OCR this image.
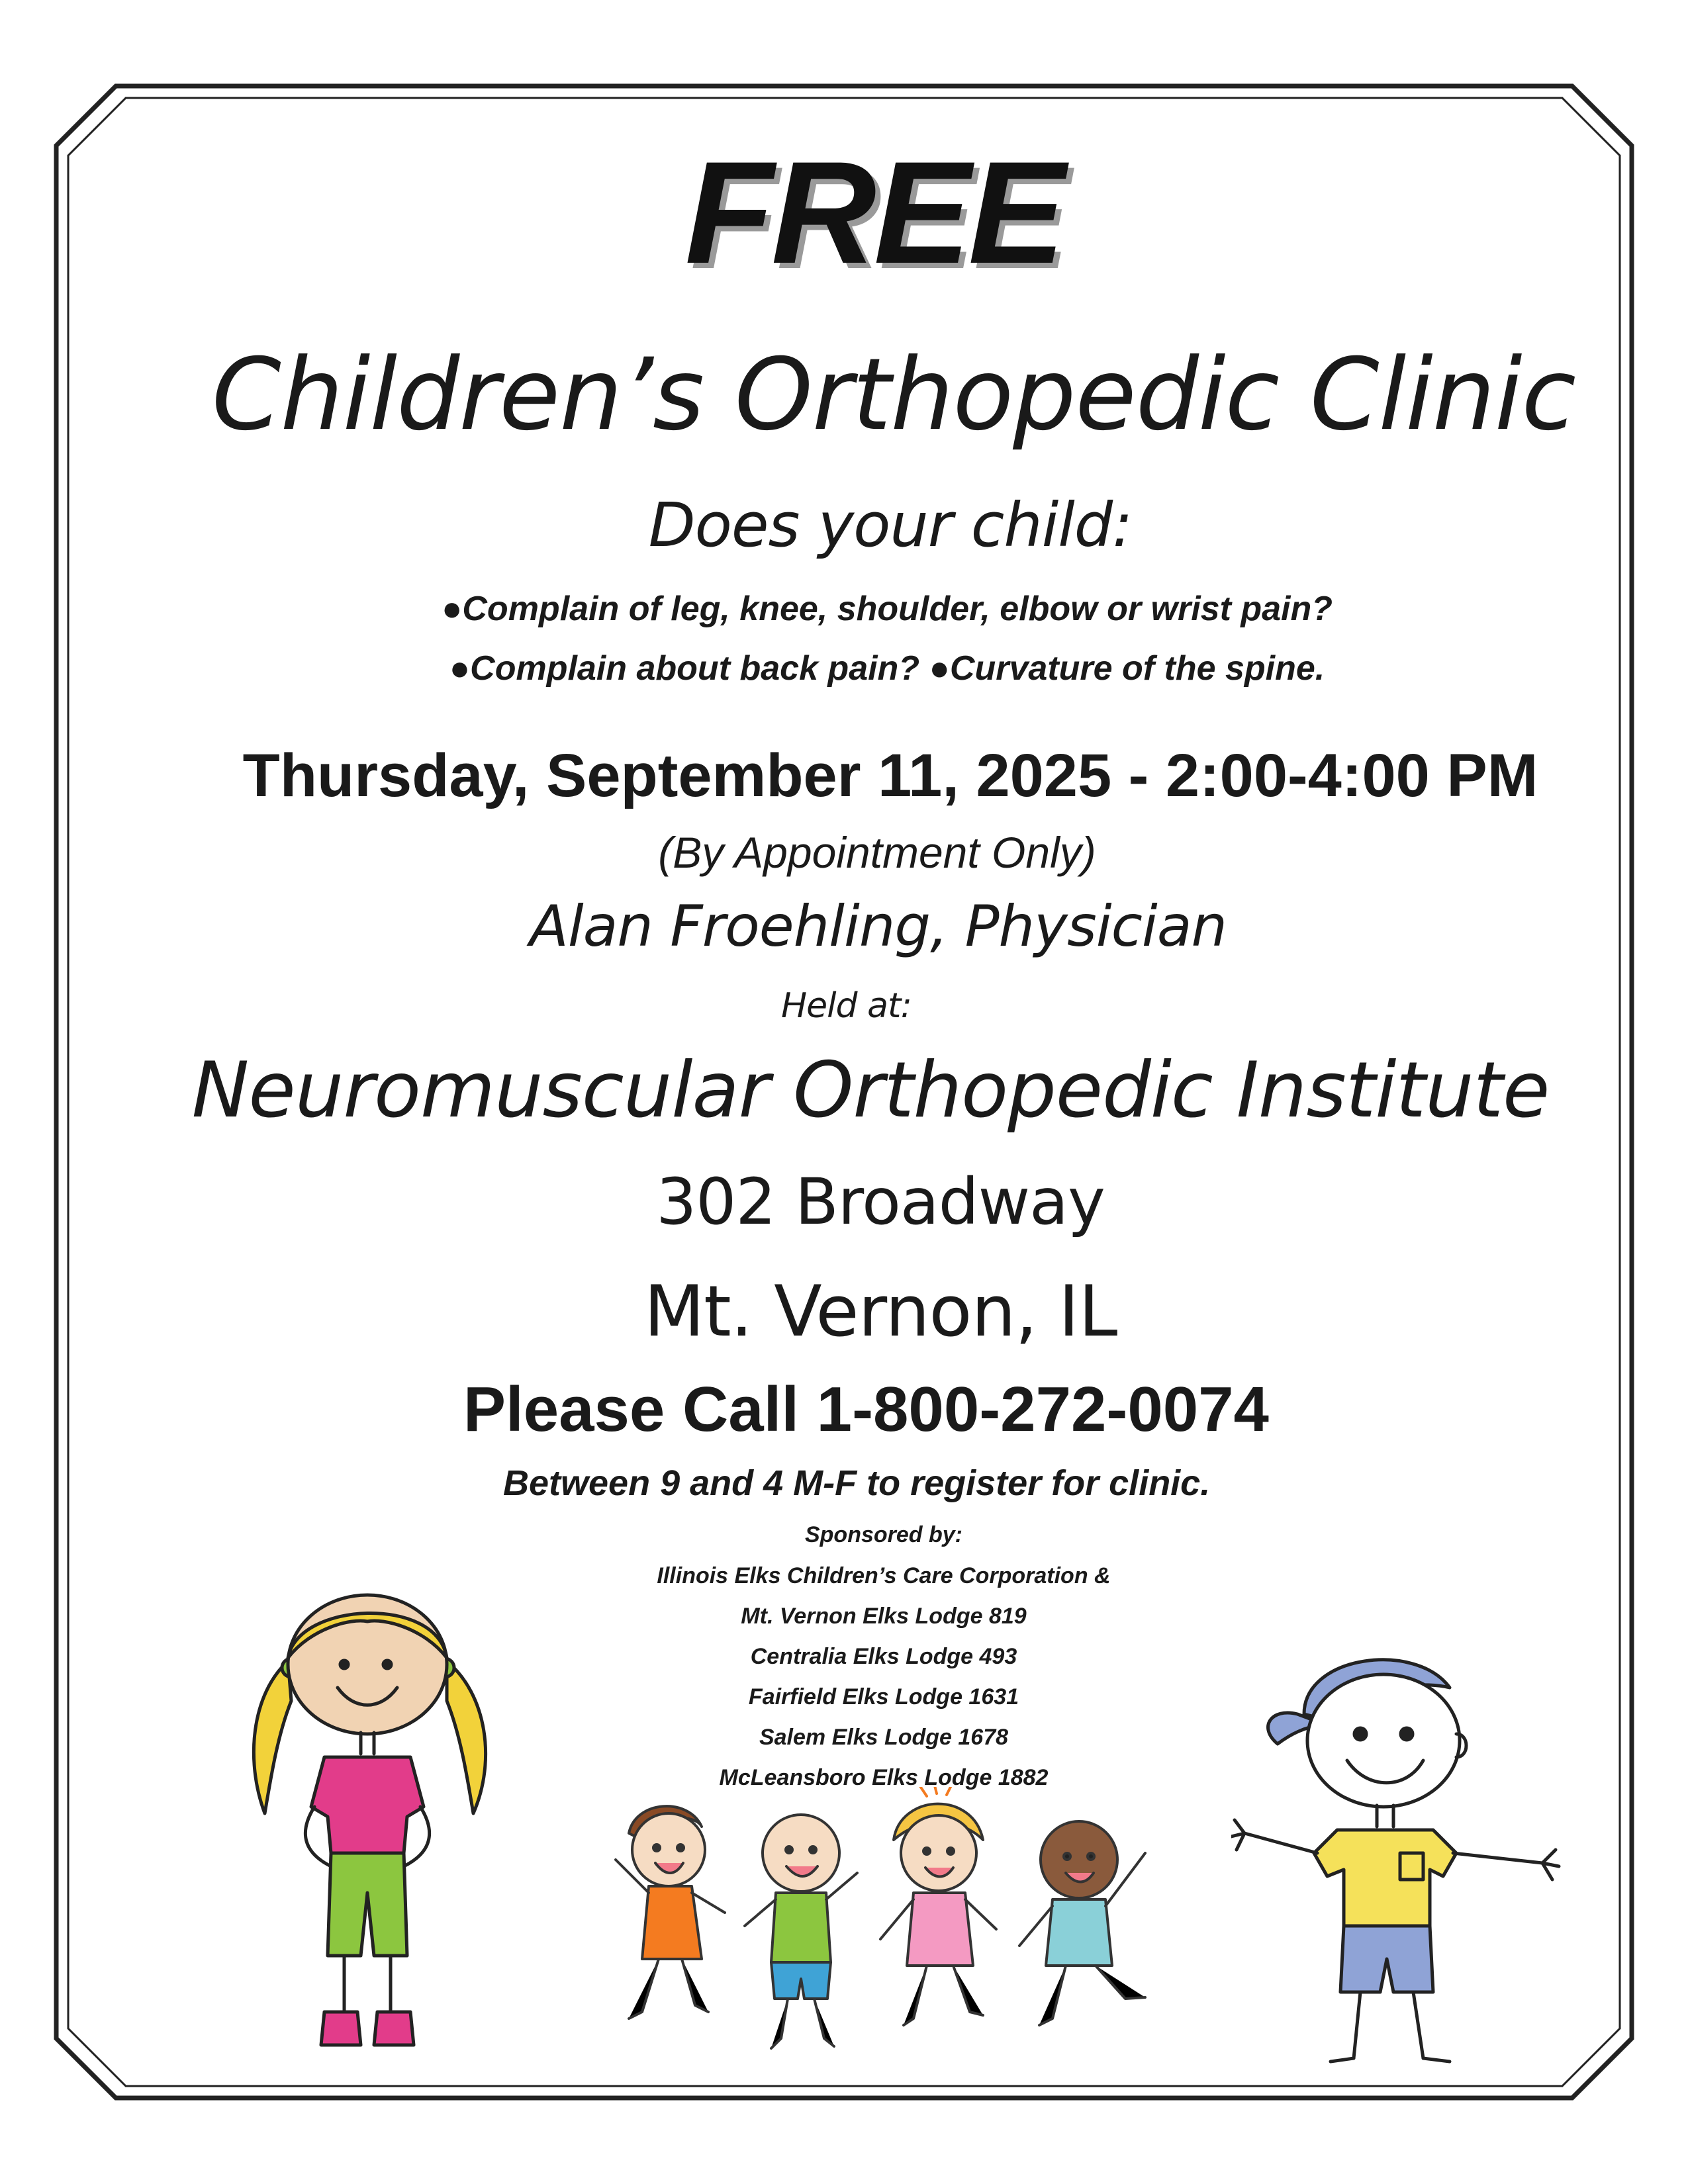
FREE
Children’s Orthopedic Clinic
Does your child:
●Complain of leg, knee, shoulder, elbow or wrist pain?
●Complain about back pain? ●Curvature of the spine.
Thursday, September 11, 2025 - 2:00-4:00 PM
(By Appointment Only)
Alan Froehling, Physician
Held at:
Neuromuscular Orthopedic Institute
302 Broadway
Mt. Vernon, IL
Please Call 1-800-272-0074
Between 9 and 4 M-F to register for clinic.
Sponsored by:
Illinois Elks Children’s Care Corporation &
Mt. Vernon Elks Lodge 819
Centralia Elks Lodge 493
Fairfield Elks Lodge 1631
Salem Elks Lodge 1678
McLeansboro Elks Lodge 1882
